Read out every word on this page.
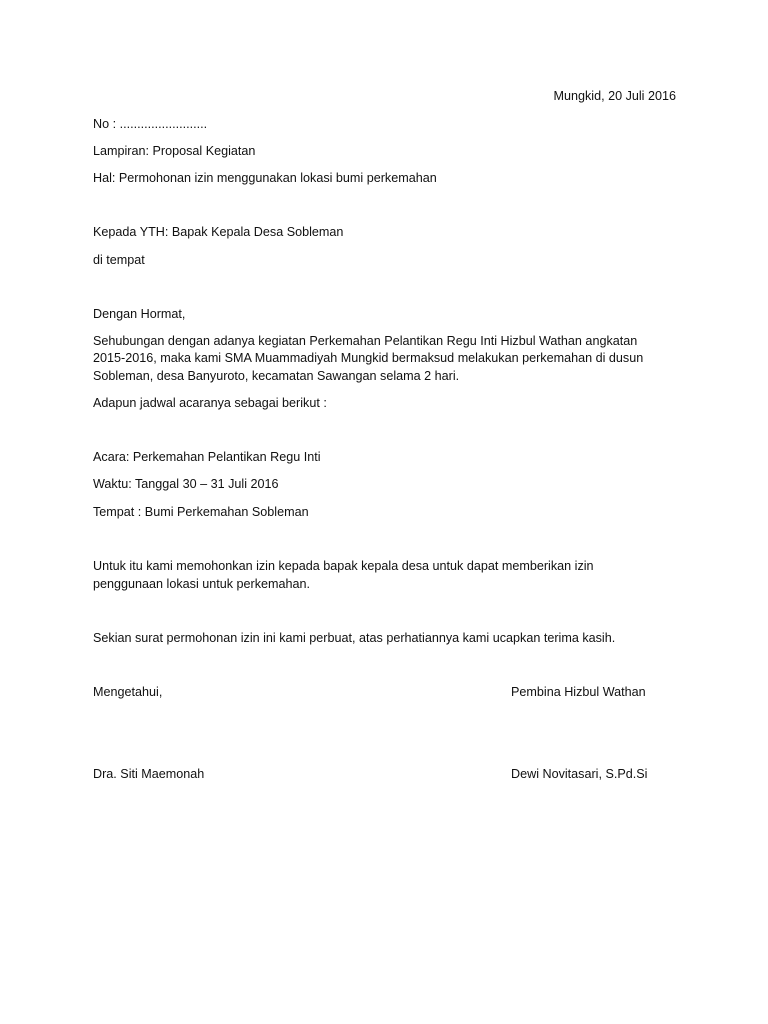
Mungkid, 20 Juli 2016
No : .........................
Lampiran: Proposal Kegiatan
Hal: Permohonan izin menggunakan lokasi bumi perkemahan
Kepada YTH: Bapak Kepala Desa Sobleman
di tempat
Dengan Hormat,
Sehubungan dengan adanya kegiatan Perkemahan Pelantikan Regu Inti Hizbul Wathan angkatan
2015-2016, maka kami SMA Muammadiyah Mungkid bermaksud melakukan perkemahan di dusun
Sobleman, desa Banyuroto, kecamatan Sawangan selama 2 hari.
Adapun jadwal acaranya sebagai berikut :
Acara: Perkemahan Pelantikan Regu Inti
Waktu: Tanggal 30 – 31 Juli 2016
Tempat : Bumi Perkemahan Sobleman
Untuk itu kami memohonkan izin kepada bapak kepala desa untuk dapat memberikan izin
penggunaan lokasi untuk perkemahan.
Sekian surat permohonan izin ini kami perbuat, atas perhatiannya kami ucapkan terima kasih.
Mengetahui,	Pembina Hizbul Wathan
Dra. Siti Maemonah	Dewi Novitasari, S.Pd.Si
